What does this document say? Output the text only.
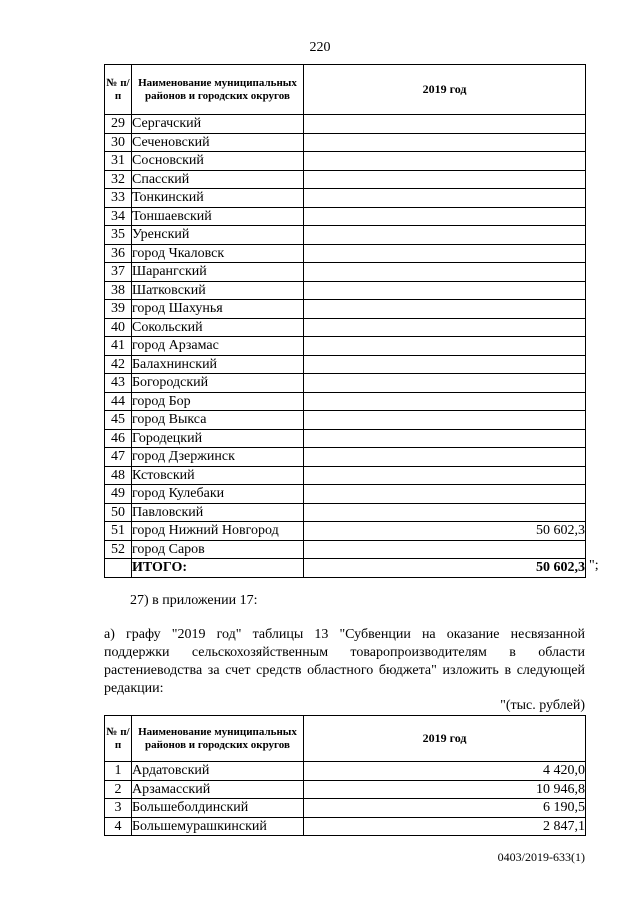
220
№ п/п	Наименование муниципальных районов и городских округов	2019 год
29	Сергачский	
30	Сеченовский	
31	Сосновский	
32	Спасский	
33	Тонкинский	
34	Тоншаевский	
35	Уренский	
36	город Чкаловск	
37	Шарангский	
38	Шатковский	
39	город Шахунья	
40	Сокольский	
41	город Арзамас	
42	Балахнинский	
43	Богородский	
44	город Бор	
45	город Выкса	
46	Городецкий	
47	город Дзержинск	
48	Кстовский	
49	город Кулебаки	
50	Павловский	
51	город Нижний Новгород	50 602,3
52	город Саров	
	ИТОГО:	50 602,3 ";
27) в приложении 17:
а) графу "2019 год" таблицы 13 "Субвенции на оказание несвязанной поддержки сельскохозяйственным товаропроизводителям в области растениеводства за счет средств областного бюджета" изложить в следующей редакции:
"(тыс. рублей)
№ п/п	Наименование муниципальных районов и городских округов	2019 год
1	Ардатовский	4 420,0
2	Арзамасский	10 946,8
3	Большеболдинский	6 190,5
4	Большемурашкинский	2 847,1
0403/2019-633(1)
